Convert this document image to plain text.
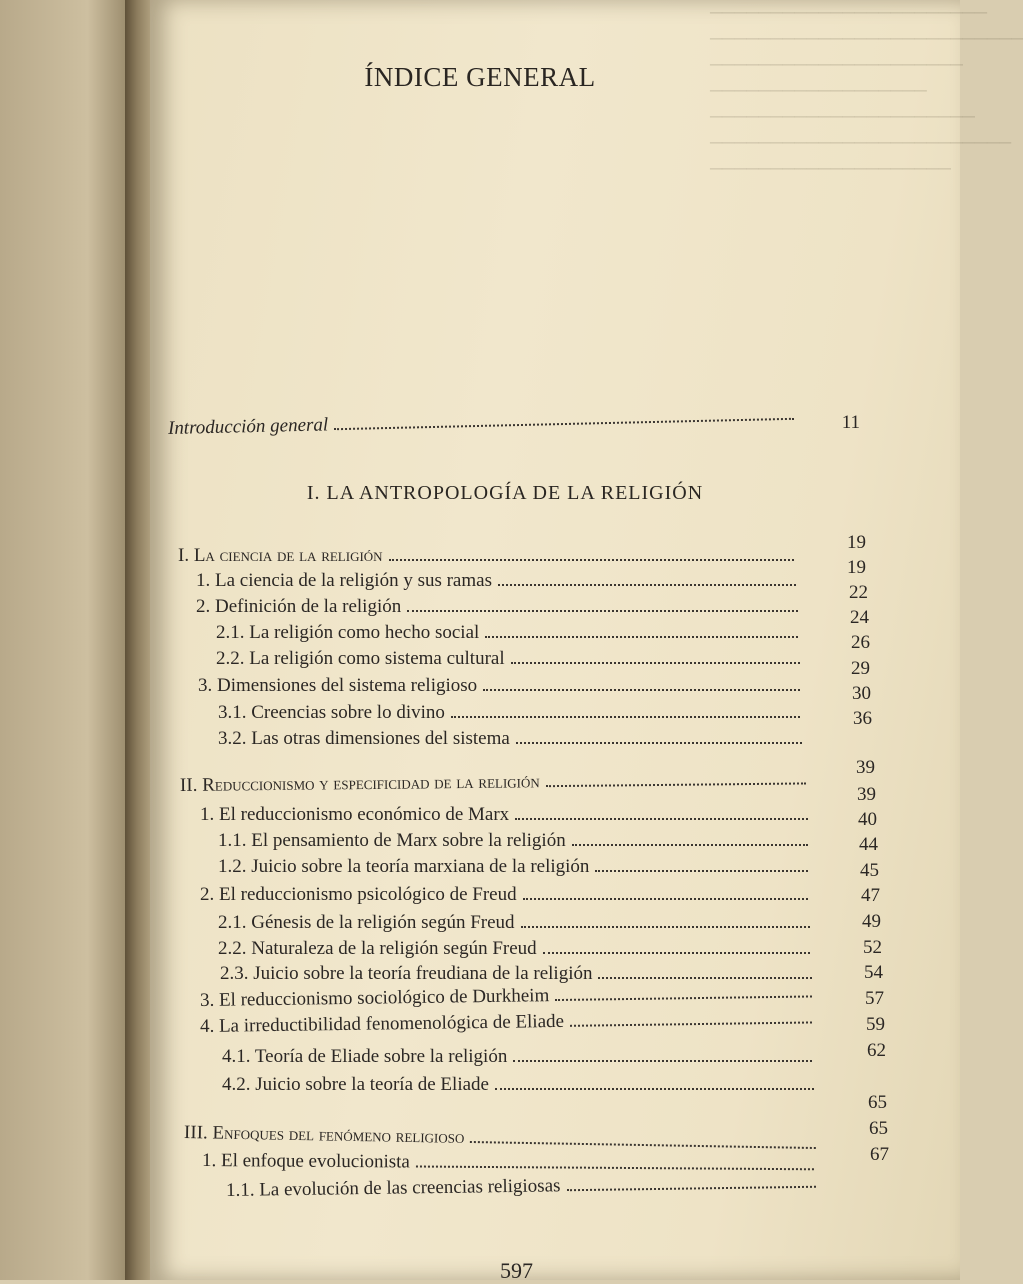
───────────────────────
──────────────────────────
─────────────────────
──────────────────
──────────────────────
─────────────────────────
────────────────────
ÍNDICE GENERAL
Introducción general	11
I. LA ANTROPOLOGÍA DE LA RELIGIÓN
I. La ciencia de la religión
1. La ciencia de la religión y sus ramas
2. Definición de la religión
2.1. La religión como hecho social
2.2. La religión como sistema cultural
3. Dimensiones del sistema religioso
3.1. Creencias sobre lo divino
3.2. Las otras dimensiones del sistema
II. Reduccionismo y especificidad de la religión
1. El reduccionismo económico de Marx
1.1. El pensamiento de Marx sobre la religión
1.2. Juicio sobre la teoría marxiana de la religión
2. El reduccionismo psicológico de Freud
2.1. Génesis de la religión según Freud
2.2. Naturaleza de la religión según Freud
2.3. Juicio sobre la teoría freudiana de la religión
3. El reduccionismo sociológico de Durkheim
4. La irreductibilidad fenomenológica de Eliade
4.1. Teoría de Eliade sobre la religión
4.2. Juicio sobre la teoría de Eliade
III. Enfoques del fenómeno religioso
1. El enfoque evolucionista
1.1. La evolución de las creencias religiosas
19
19
22
24
26
29
30
36
39
39
40
44
45
47
49
52
54
57
59
62
65
65
67
597
